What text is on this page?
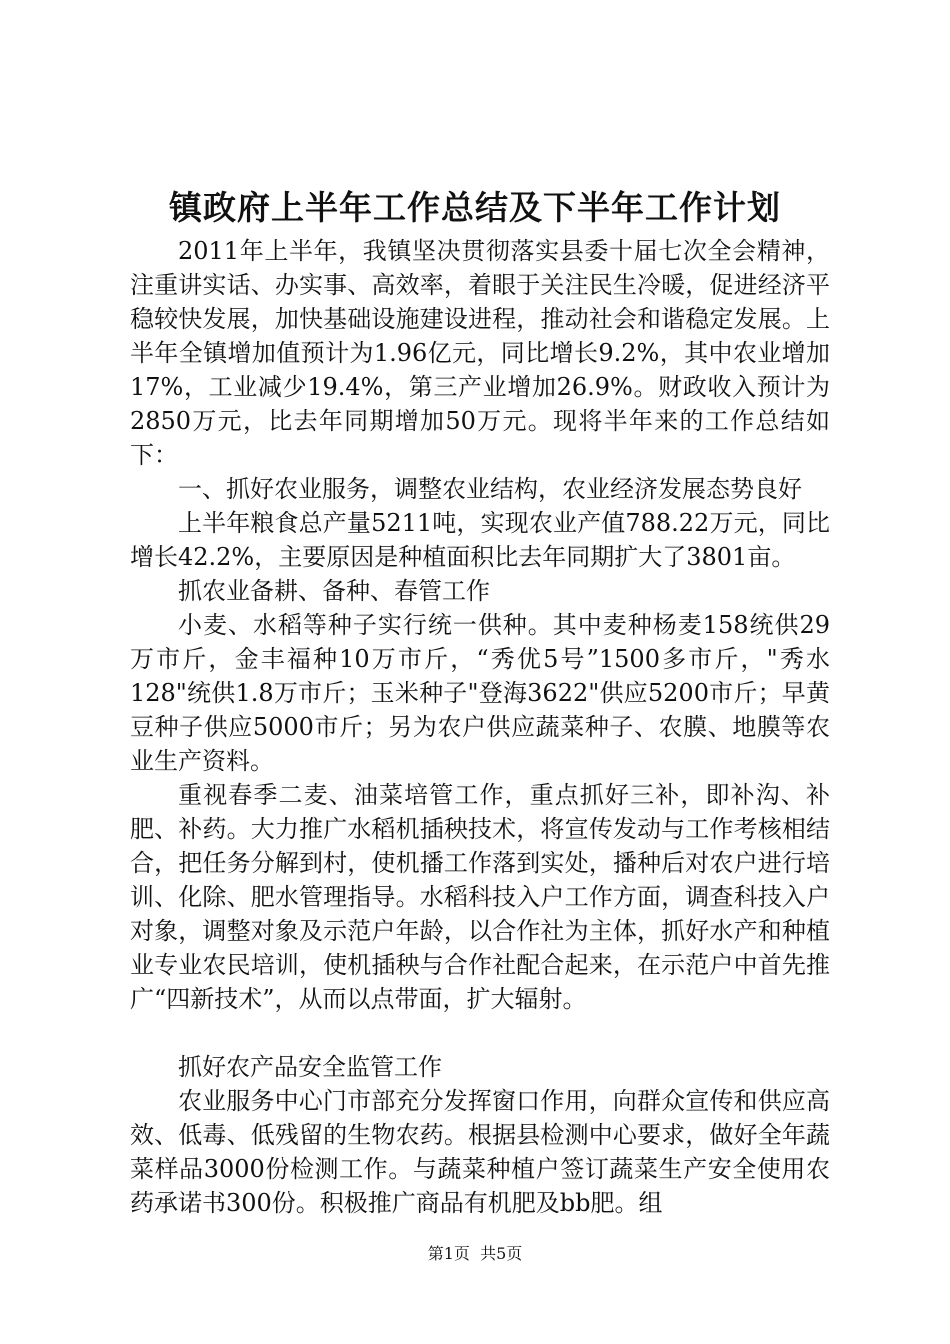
镇政府上半年工作总结及下半年工作计划

2011年上半年，我镇坚决贯彻落实县委十届七次全会精神，注重讲实话、办实事、高效率，着眼于关注民生冷暖，促进经济平稳较快发展，加快基础设施建设进程，推动社会和谐稳定发展。上半年全镇增加值预计为1.96亿元，同比增长9.2%，其中农业增加17%，工业减少19.4%，第三产业增加26.9%。财政收入预计为2850万元，比去年同期增加50万元。现将半年来的工作总结如下：

一、抓好农业服务，调整农业结构，农业经济发展态势良好

上半年粮食总产量5211吨，实现农业产值788.22万元，同比增长42.2%，主要原因是种植面积比去年同期扩大了3801亩。

抓农业备耕、备种、春管工作

小麦、水稻等种子实行统一供种。其中麦种杨麦158统供29万市斤，金丰福种10万市斤，“秀优5号”1500多市斤，"秀水128"统供1.8万市斤；玉米种子"登海3622"供应5200市斤；早黄豆种子供应5000市斤；另为农户供应蔬菜种子、农膜、地膜等农业生产资料。

重视春季二麦、油菜培管工作，重点抓好三补，即补沟、补肥、补药。大力推广水稻机插秧技术，将宣传发动与工作考核相结合，把任务分解到村，使机播工作落到实处，播种后对农户进行培训、化除、肥水管理指导。水稻科技入户工作方面，调查科技入户对象，调整对象及示范户年龄，以合作社为主体，抓好水产和种植业专业农民培训，使机插秧与合作社配合起来，在示范户中首先推广“四新技术”，从而以点带面，扩大辐射。

抓好农产品安全监管工作

农业服务中心门市部充分发挥窗口作用，向群众宣传和供应高效、低毒、低残留的生物农药。根据县检测中心要求，做好全年蔬菜样品3000份检测工作。与蔬菜种植户签订蔬菜生产安全使用农药承诺书300份。积极推广商品有机肥及bb肥。组

第1页 共5页
